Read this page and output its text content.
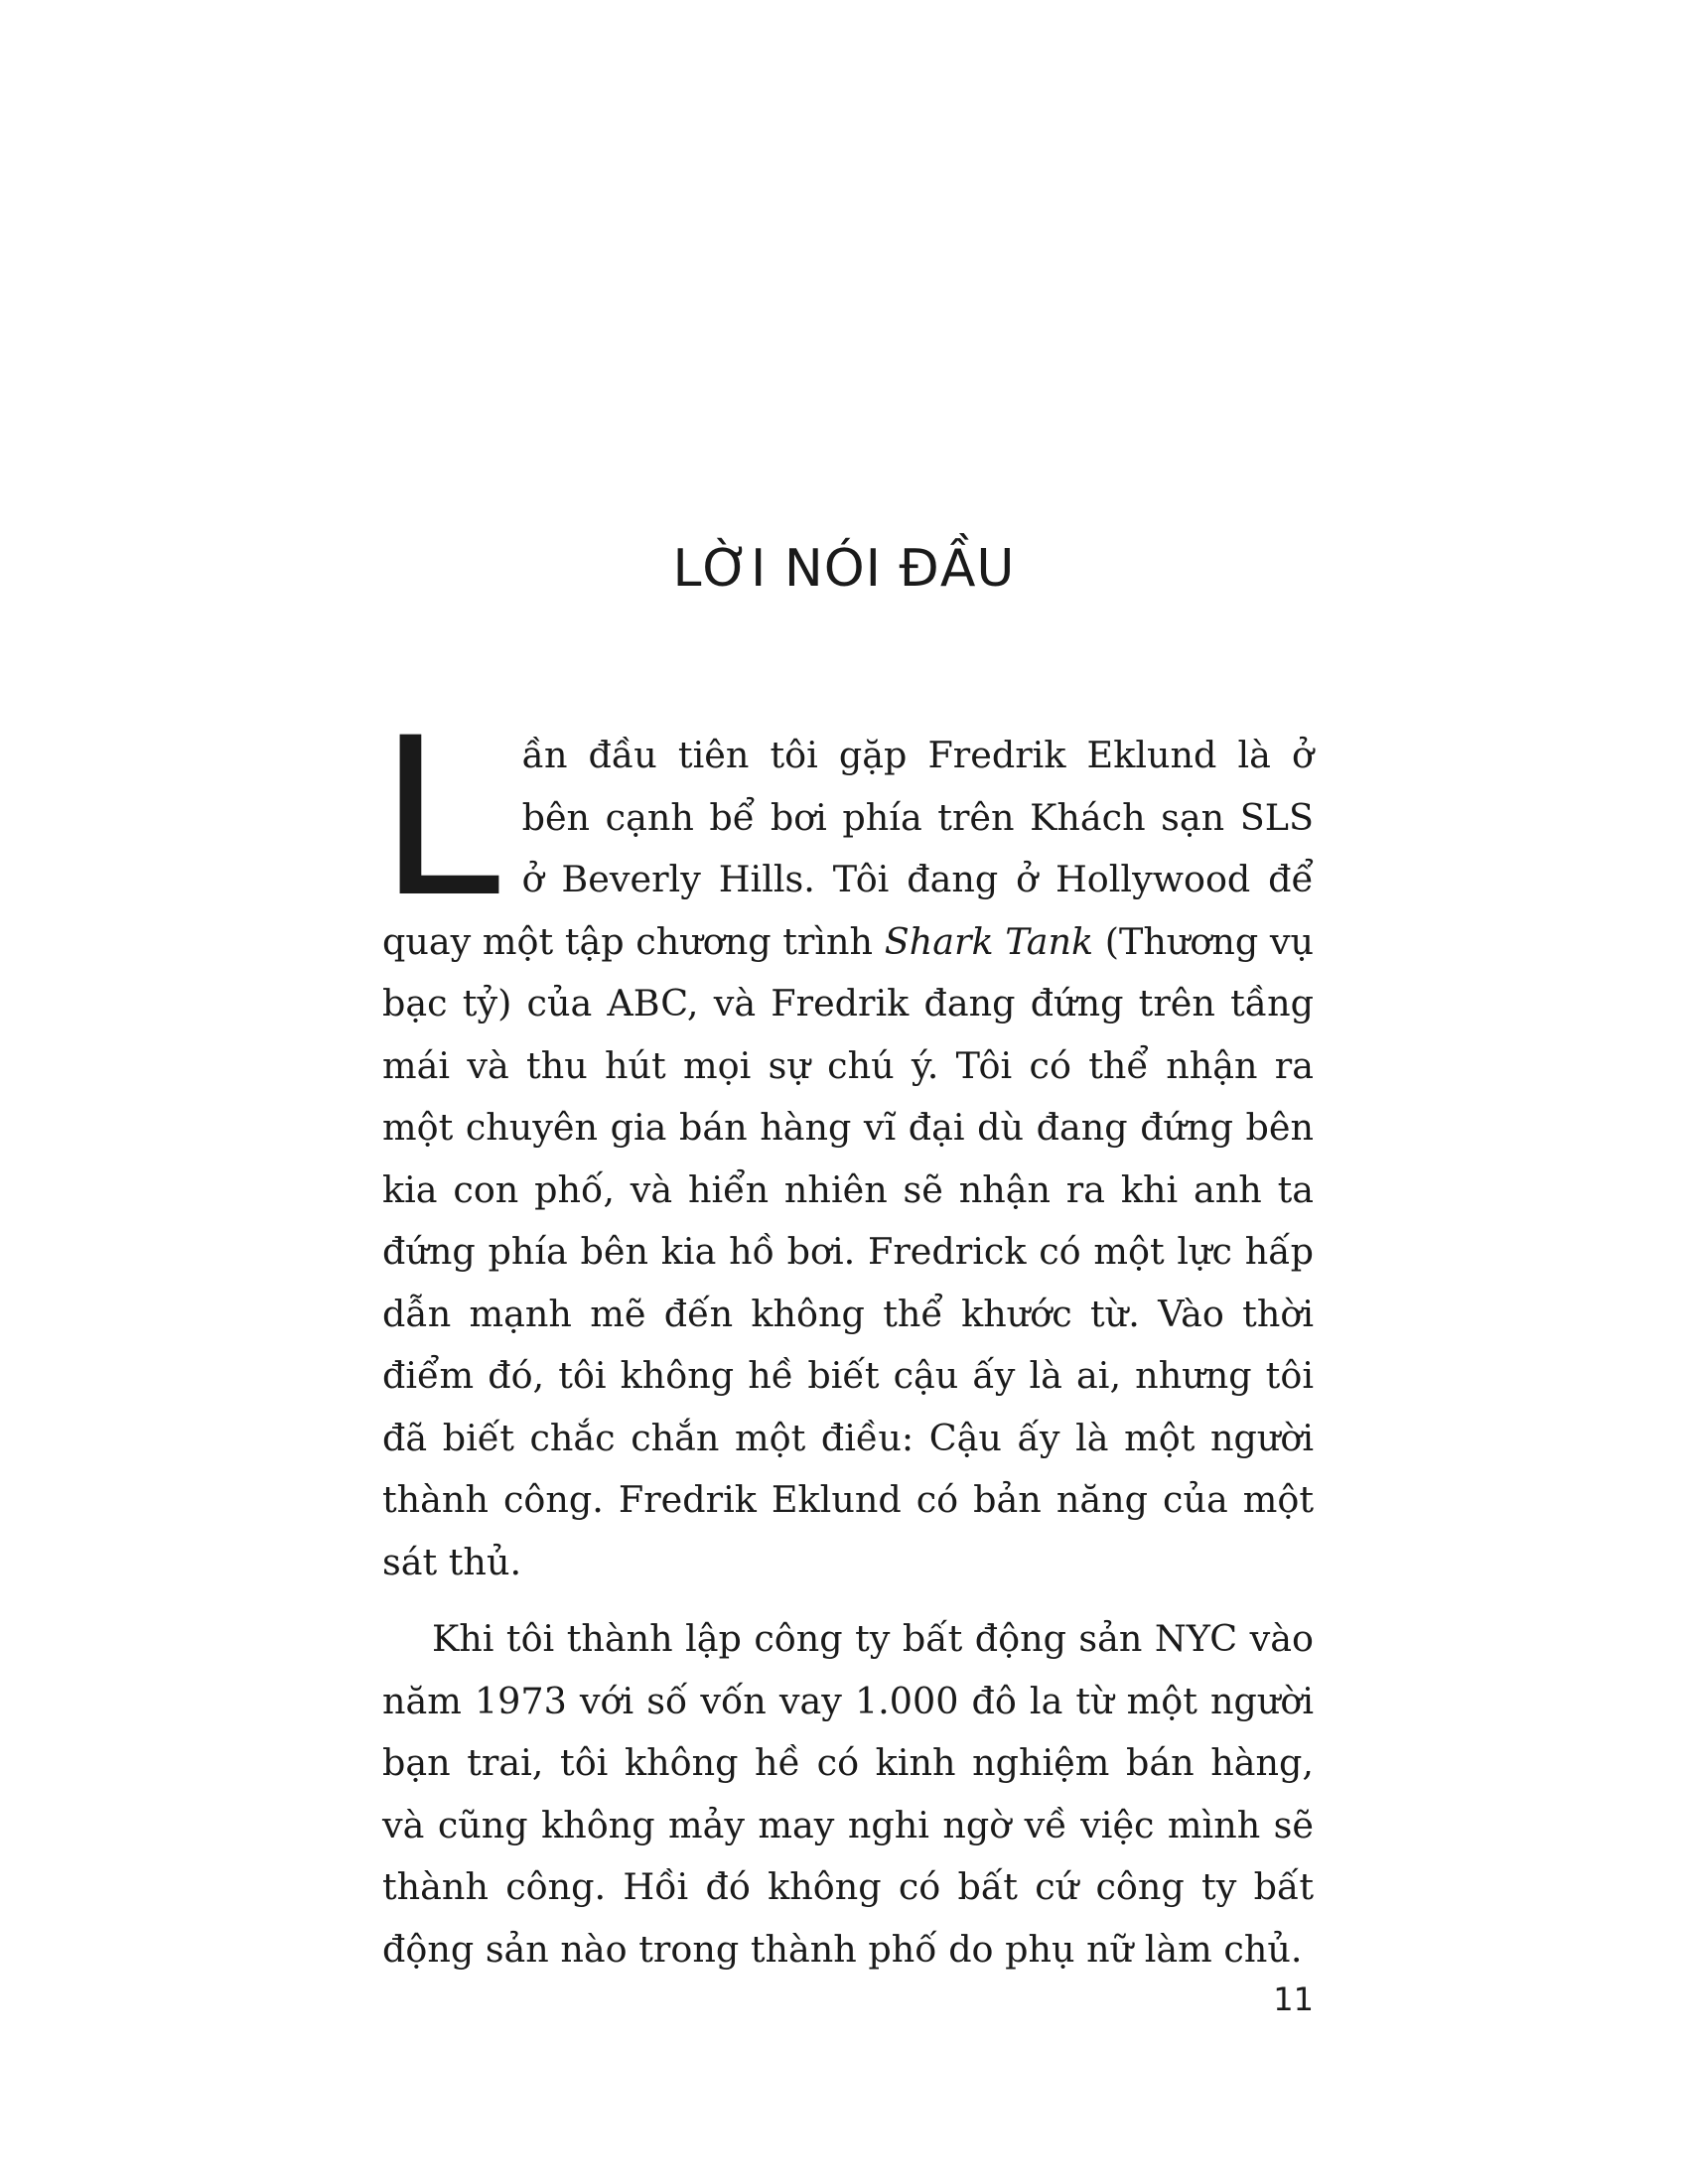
LỜI NÓI ĐẦU

Lần đầu tiên tôi gặp Fredrik Eklund là ở bên cạnh bể bơi phía trên Khách sạn SLS ở Beverly Hills. Tôi đang ở Hollywood để quay một tập chương trình Shark Tank (Thương vụ bạc tỷ) của ABC, và Fredrik đang đứng trên tầng mái và thu hút mọi sự chú ý. Tôi có thể nhận ra một chuyên gia bán hàng vĩ đại dù đang đứng bên kia con phố, và hiển nhiên sẽ nhận ra khi anh ta đứng phía bên kia hồ bơi. Fredrick có một lực hấp dẫn mạnh mẽ đến không thể khước từ. Vào thời điểm đó, tôi không hề biết cậu ấy là ai, nhưng tôi đã biết chắc chắn một điều: Cậu ấy là một người thành công. Fredrik Eklund có bản năng của một sát thủ.

Khi tôi thành lập công ty bất động sản NYC vào năm 1973 với số vốn vay 1.000 đô la từ một người bạn trai, tôi không hề có kinh nghiệm bán hàng, và cũng không mảy may nghi ngờ về việc mình sẽ thành công. Hồi đó không có bất cứ công ty bất động sản nào trong thành phố do phụ nữ làm chủ.

11
